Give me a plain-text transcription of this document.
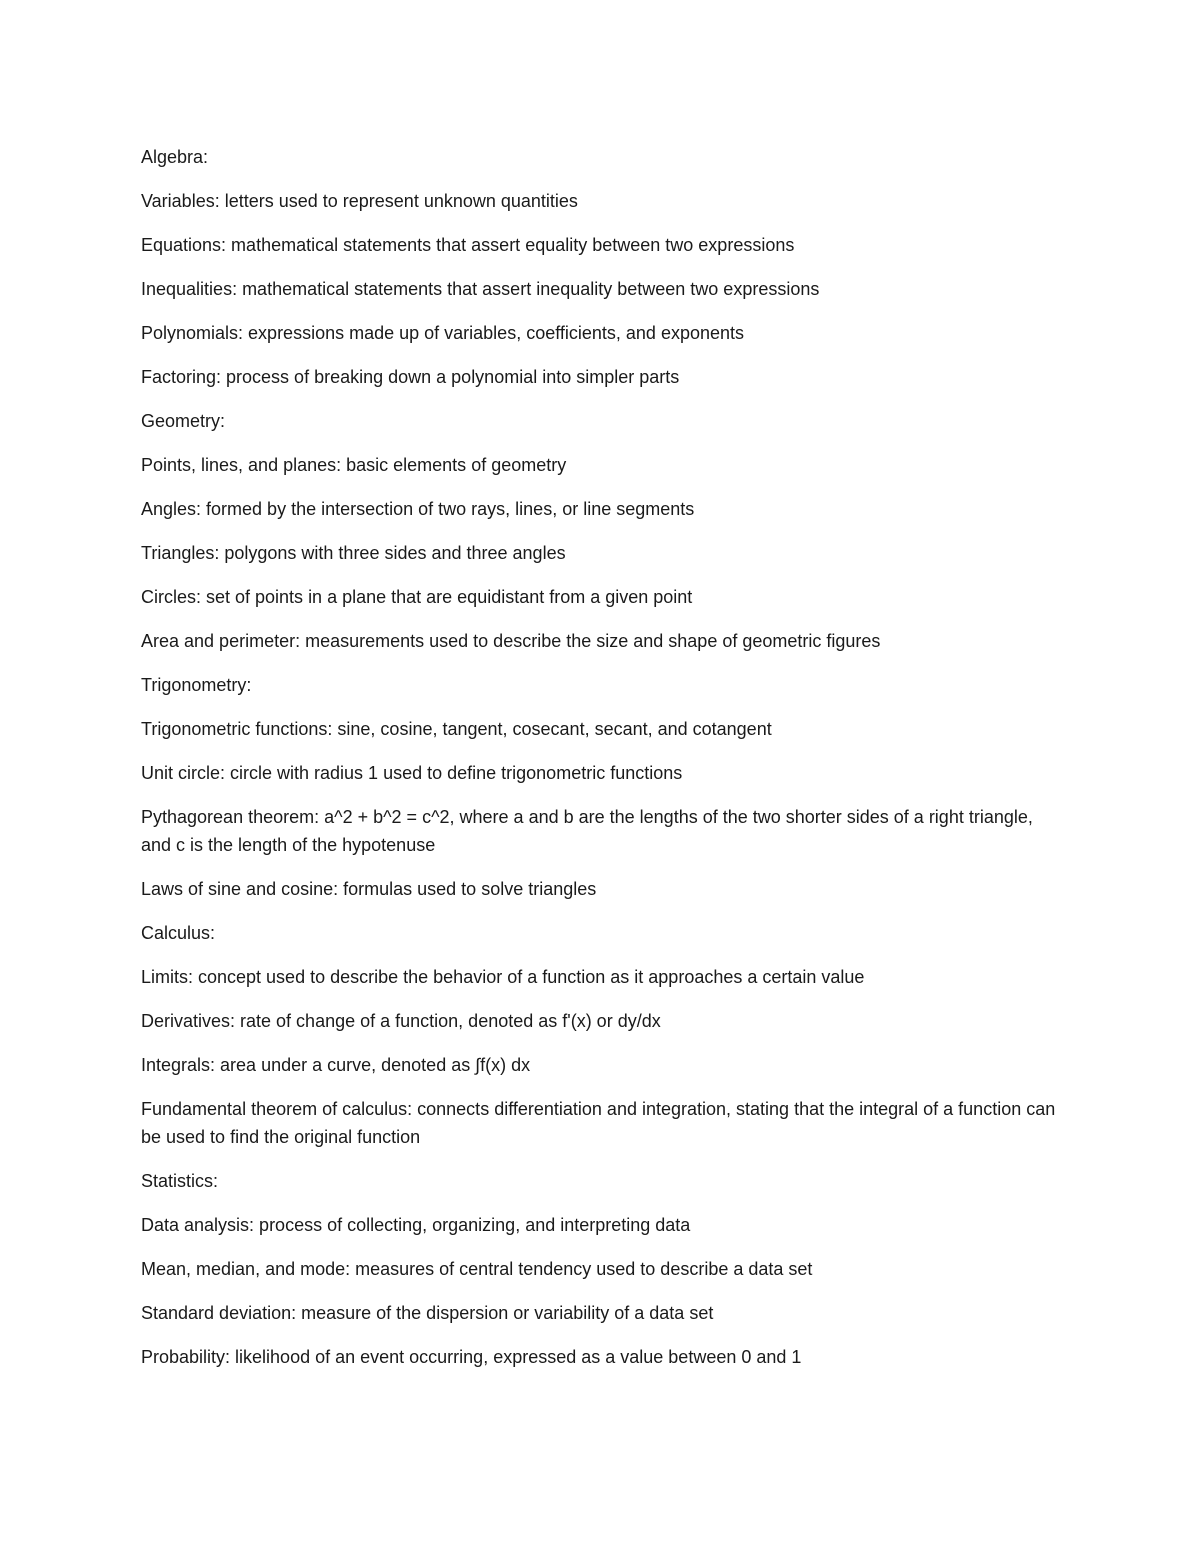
Algebra:

Variables: letters used to represent unknown quantities

Equations: mathematical statements that assert equality between two expressions

Inequalities: mathematical statements that assert inequality between two expressions

Polynomials: expressions made up of variables, coefficients, and exponents

Factoring: process of breaking down a polynomial into simpler parts

Geometry:

Points, lines, and planes: basic elements of geometry

Angles: formed by the intersection of two rays, lines, or line segments

Triangles: polygons with three sides and three angles

Circles: set of points in a plane that are equidistant from a given point

Area and perimeter: measurements used to describe the size and shape of geometric figures

Trigonometry:

Trigonometric functions: sine, cosine, tangent, cosecant, secant, and cotangent

Unit circle: circle with radius 1 used to define trigonometric functions

Pythagorean theorem: a^2 + b^2 = c^2, where a and b are the lengths of the two shorter sides of a right triangle, and c is the length of the hypotenuse

Laws of sine and cosine: formulas used to solve triangles

Calculus:

Limits: concept used to describe the behavior of a function as it approaches a certain value

Derivatives: rate of change of a function, denoted as f'(x) or dy/dx

Integrals: area under a curve, denoted as ∫f(x) dx

Fundamental theorem of calculus: connects differentiation and integration, stating that the integral of a function can be used to find the original function

Statistics:

Data analysis: process of collecting, organizing, and interpreting data

Mean, median, and mode: measures of central tendency used to describe a data set

Standard deviation: measure of the dispersion or variability of a data set

Probability: likelihood of an event occurring, expressed as a value between 0 and 1
